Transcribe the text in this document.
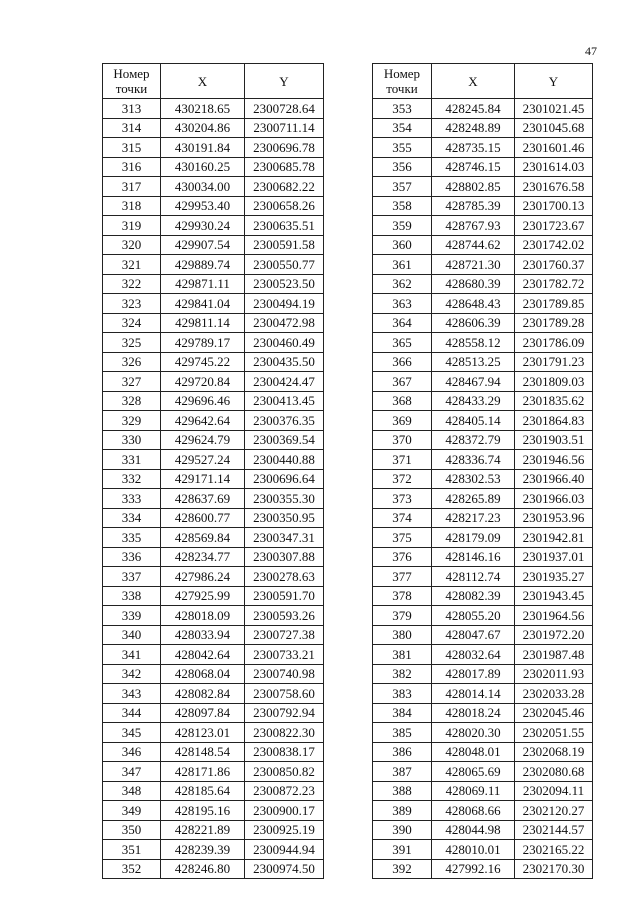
47
Номер точки	X	Y
313	430218.65	2300728.64
314	430204.86	2300711.14
315	430191.84	2300696.78
316	430160.25	2300685.78
317	430034.00	2300682.22
318	429953.40	2300658.26
319	429930.24	2300635.51
320	429907.54	2300591.58
321	429889.74	2300550.77
322	429871.11	2300523.50
323	429841.04	2300494.19
324	429811.14	2300472.98
325	429789.17	2300460.49
326	429745.22	2300435.50
327	429720.84	2300424.47
328	429696.46	2300413.45
329	429642.64	2300376.35
330	429624.79	2300369.54
331	429527.24	2300440.88
332	429171.14	2300696.64
333	428637.69	2300355.30
334	428600.77	2300350.95
335	428569.84	2300347.31
336	428234.77	2300307.88
337	427986.24	2300278.63
338	427925.99	2300591.70
339	428018.09	2300593.26
340	428033.94	2300727.38
341	428042.64	2300733.21
342	428068.04	2300740.98
343	428082.84	2300758.60
344	428097.84	2300792.94
345	428123.01	2300822.30
346	428148.54	2300838.17
347	428171.86	2300850.82
348	428185.64	2300872.23
349	428195.16	2300900.17
350	428221.89	2300925.19
351	428239.39	2300944.94
352	428246.80	2300974.50
Номер точки	X	Y
353	428245.84	2301021.45
354	428248.89	2301045.68
355	428735.15	2301601.46
356	428746.15	2301614.03
357	428802.85	2301676.58
358	428785.39	2301700.13
359	428767.93	2301723.67
360	428744.62	2301742.02
361	428721.30	2301760.37
362	428680.39	2301782.72
363	428648.43	2301789.85
364	428606.39	2301789.28
365	428558.12	2301786.09
366	428513.25	2301791.23
367	428467.94	2301809.03
368	428433.29	2301835.62
369	428405.14	2301864.83
370	428372.79	2301903.51
371	428336.74	2301946.56
372	428302.53	2301966.40
373	428265.89	2301966.03
374	428217.23	2301953.96
375	428179.09	2301942.81
376	428146.16	2301937.01
377	428112.74	2301935.27
378	428082.39	2301943.45
379	428055.20	2301964.56
380	428047.67	2301972.20
381	428032.64	2301987.48
382	428017.89	2302011.93
383	428014.14	2302033.28
384	428018.24	2302045.46
385	428020.30	2302051.55
386	428048.01	2302068.19
387	428065.69	2302080.68
388	428069.11	2302094.11
389	428068.66	2302120.27
390	428044.98	2302144.57
391	428010.01	2302165.22
392	427992.16	2302170.30
